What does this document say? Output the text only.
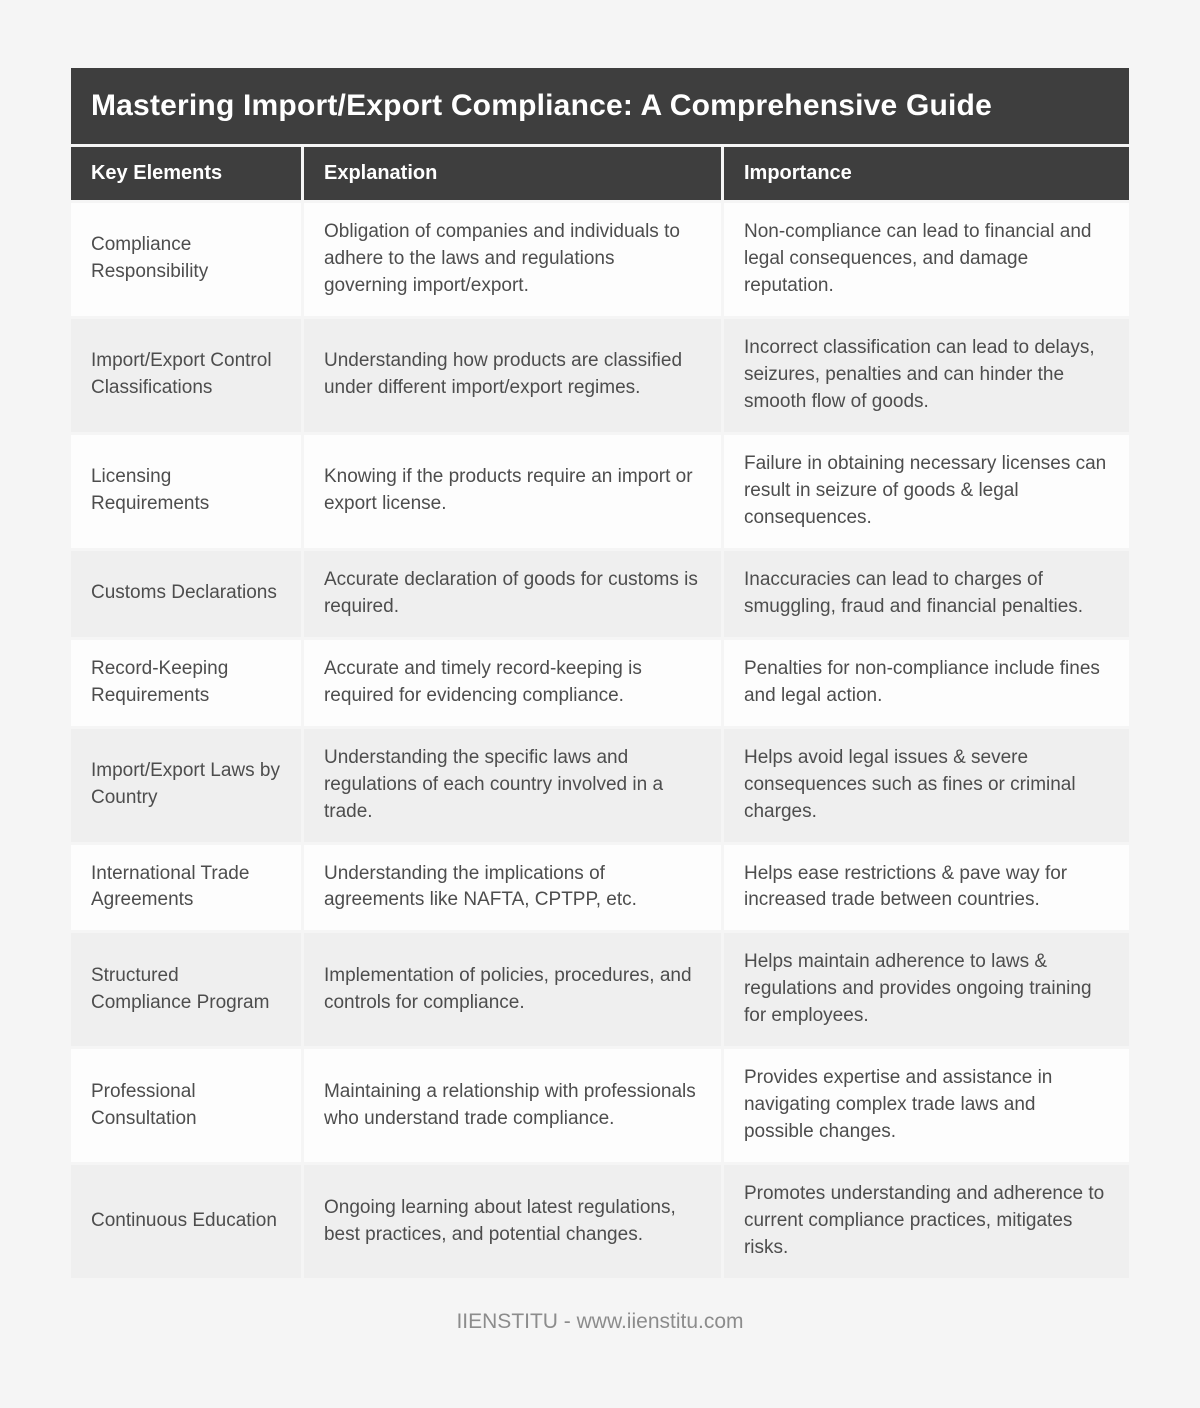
Mastering Import/Export Compliance: A Comprehensive Guide		
Key Elements	Explanation	Importance
Compliance Responsibility	Obligation of companies and individuals to adhere to the laws and regulations governing import/export.	Non-compliance can lead to financial and legal consequences, and damage reputation.
Import/Export Control Classifications	Understanding how products are classified under different import/export regimes.	Incorrect classification can lead to delays, seizures, penalties and can hinder the smooth flow of goods.
Licensing Requirements	Knowing if the products require an import or export license.	Failure in obtaining necessary licenses can result in seizure of goods & legal consequences.
Customs Declarations	Accurate declaration of goods for customs is required.	Inaccuracies can lead to charges of smuggling, fraud and financial penalties.
Record-Keeping Requirements	Accurate and timely record-keeping is required for evidencing compliance.	Penalties for non-compliance include fines and legal action.
Import/Export Laws by Country	Understanding the specific laws and regulations of each country involved in a trade.	Helps avoid legal issues & severe consequences such as fines or criminal charges.
International Trade Agreements	Understanding the implications of agreements like NAFTA, CPTPP, etc.	Helps ease restrictions & pave way for increased trade between countries.
Structured Compliance Program	Implementation of policies, procedures, and controls for compliance.	Helps maintain adherence to laws & regulations and provides ongoing training for employees.
Professional Consultation	Maintaining a relationship with professionals who understand trade compliance.	Provides expertise and assistance in navigating complex trade laws and possible changes.
Continuous Education	Ongoing learning about latest regulations, best practices, and potential changes.	Promotes understanding and adherence to current compliance practices, mitigates risks.
IIENSTITU - www.iienstitu.com
